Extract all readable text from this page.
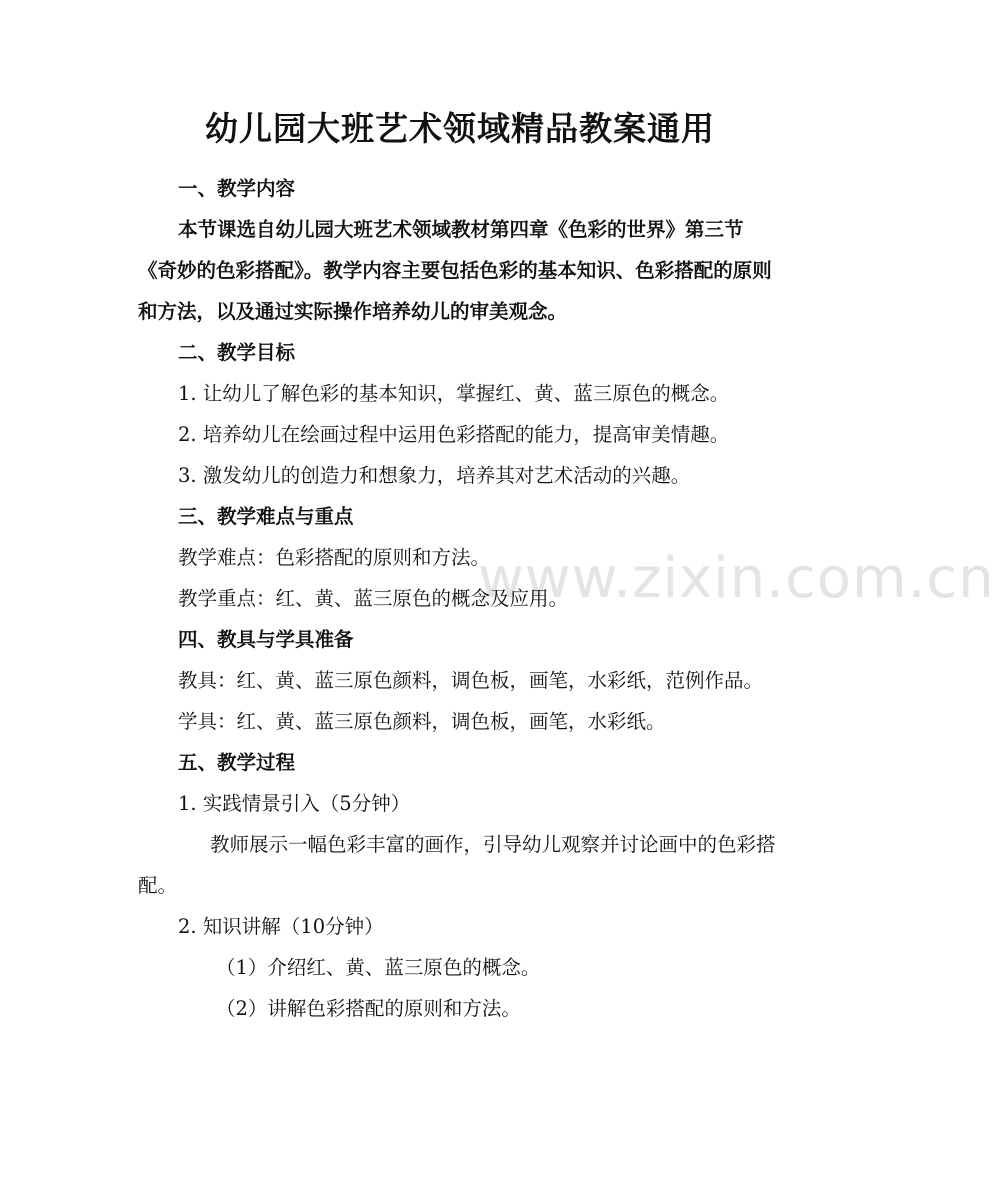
www.zixin.com.cn
幼儿园大班艺术领域精品教案通用

一、教学内容

本节课选自幼儿园大班艺术领域教材第四章《色彩的世界》第三节《奇妙的色彩搭配》。教学内容主要包括色彩的基本知识、色彩搭配的原则和方法，以及通过实际操作培养幼儿的审美观念。

二、教学目标

1. 让幼儿了解色彩的基本知识，掌握红、黄、蓝三原色的概念。

2. 培养幼儿在绘画过程中运用色彩搭配的能力，提高审美情趣。

3. 激发幼儿的创造力和想象力，培养其对艺术活动的兴趣。

三、教学难点与重点

教学难点：色彩搭配的原则和方法。

教学重点：红、黄、蓝三原色的概念及应用。

四、教具与学具准备

教具：红、黄、蓝三原色颜料，调色板，画笔，水彩纸，范例作品。

学具：红、黄、蓝三原色颜料，调色板，画笔，水彩纸。

五、教学过程

1. 实践情景引入（5分钟）

教师展示一幅色彩丰富的画作，引导幼儿观察并讨论画中的色彩搭配。

2. 知识讲解（10分钟）

（1）介绍红、黄、蓝三原色的概念。

（2）讲解色彩搭配的原则和方法。
